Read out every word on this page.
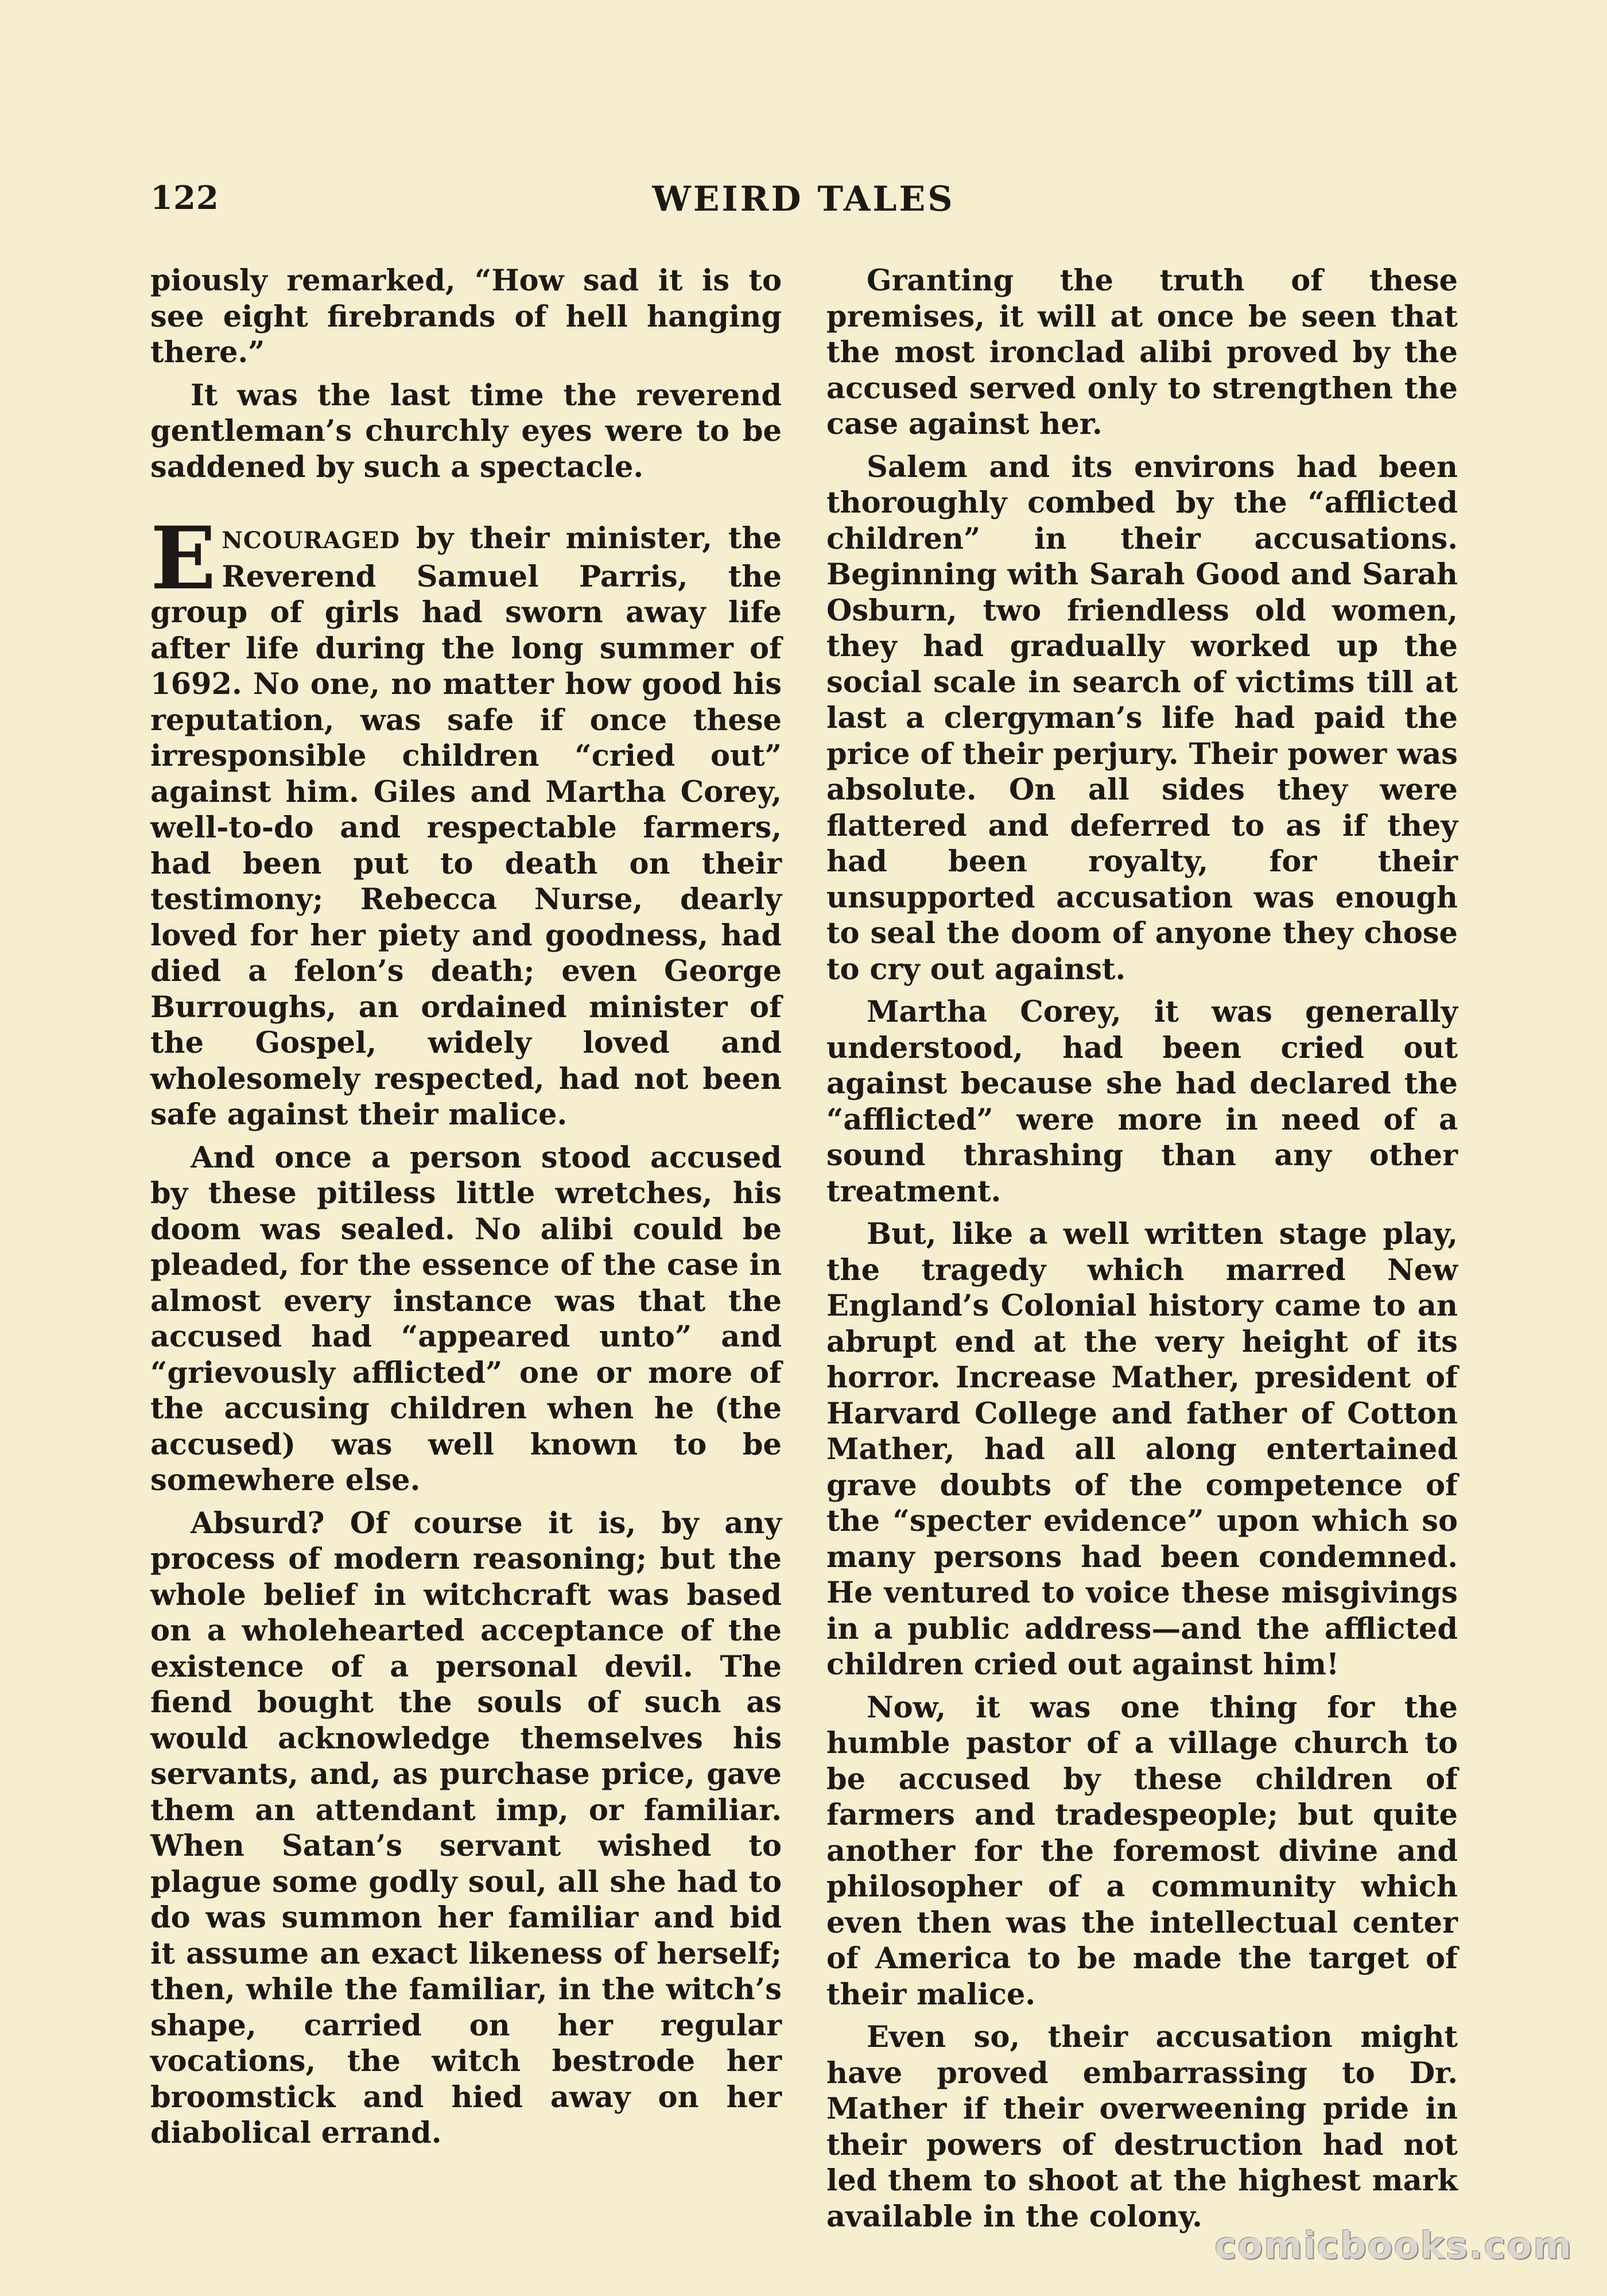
122	WEIRD TALES

piously remarked, “How sad it is to see eight firebrands of hell hanging there.”

It was the last time the reverend gentleman’s churchly eyes were to be saddened by such a spectacle.

ENCOURAGED by their minister, the Reverend Samuel Parris, the group of girls had sworn away life after life during the long summer of 1692. No one, no matter how good his reputation, was safe if once these irresponsible children “cried out” against him. Giles and Martha Corey, well-to-do and respectable farmers, had been put to death on their testimony; Rebecca Nurse, dearly loved for her piety and goodness, had died a felon’s death; even George Burroughs, an ordained minister of the Gospel, widely loved and wholesomely respected, had not been safe against their malice.

And once a person stood accused by these pitiless little wretches, his doom was sealed. No alibi could be pleaded, for the essence of the case in almost every instance was that the accused had “appeared unto” and “grievously afflicted” one or more of the accusing children when he (the accused) was well known to be somewhere else.

Absurd? Of course it is, by any process of modern reasoning; but the whole belief in witchcraft was based on a wholehearted acceptance of the existence of a personal devil. The fiend bought the souls of such as would acknowledge themselves his servants, and, as purchase price, gave them an attendant imp, or familiar. When Satan’s servant wished to plague some godly soul, all she had to do was summon her familiar and bid it assume an exact likeness of herself; then, while the familiar, in the witch’s shape, carried on her regular vocations, the witch bestrode her broomstick and hied away on her diabolical errand.

Granting the truth of these premises, it will at once be seen that the most ironclad alibi proved by the accused served only to strengthen the case against her.

Salem and its environs had been thoroughly combed by the “afflicted children” in their accusations. Beginning with Sarah Good and Sarah Osburn, two friendless old women, they had gradually worked up the social scale in search of victims till at last a clergyman’s life had paid the price of their perjury. Their power was absolute. On all sides they were flattered and deferred to as if they had been royalty, for their unsupported accusation was enough to seal the doom of anyone they chose to cry out against.

Martha Corey, it was generally understood, had been cried out against because she had declared the “afflicted” were more in need of a sound thrashing than any other treatment.

But, like a well written stage play, the tragedy which marred New England’s Colonial history came to an abrupt end at the very height of its horror. Increase Mather, president of Harvard College and father of Cotton Mather, had all along entertained grave doubts of the competence of the “specter evidence” upon which so many persons had been condemned. He ventured to voice these misgivings in a public address—and the afflicted children cried out against him!

Now, it was one thing for the humble pastor of a village church to be accused by these children of farmers and tradespeople; but quite another for the foremost divine and philosopher of a community which even then was the intellectual center of America to be made the target of their malice.

Even so, their accusation might have proved embarrassing to Dr. Mather if their overweening pride in their powers of destruction had not led them to shoot at the highest mark available in the colony.

comicbooks.com
